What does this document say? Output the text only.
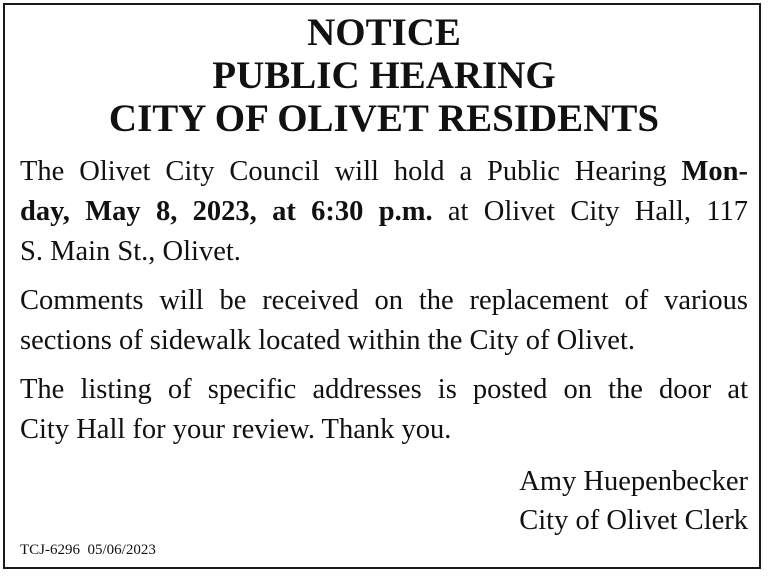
NOTICE
PUBLIC HEARING
CITY OF OLIVET RESIDENTS
The Olivet City Council will hold a Public Hearing Mon-
day, May 8, 2023, at 6:30 p.m. at Olivet City Hall, 117
S. Main St., Olivet.
Comments will be received on the replacement of various
sections of sidewalk located within the City of Olivet.
The listing of specific addresses is posted on the door at
City Hall for your review. Thank you.
Amy Huepenbecker
City of Olivet Clerk
TCJ-6296  05/06/2023
